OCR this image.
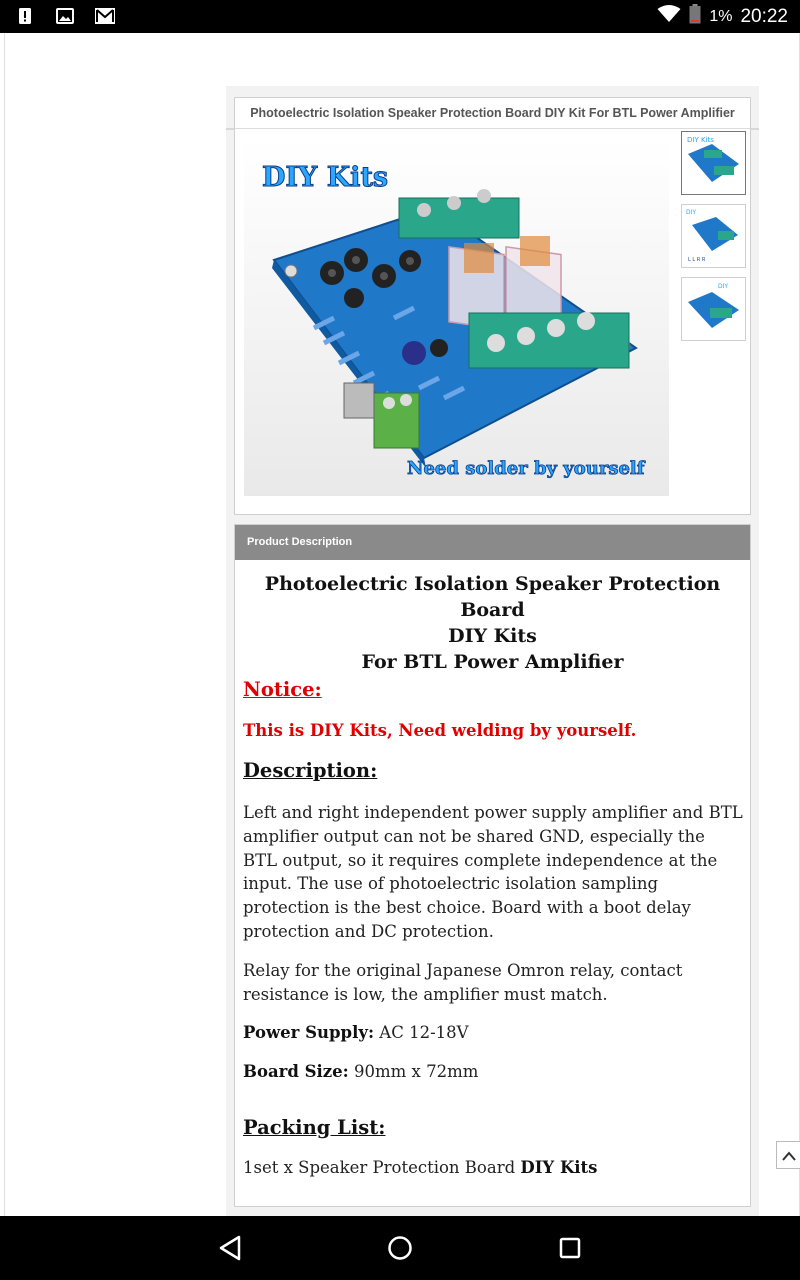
1% 20:22
Photoelectric Isolation Speaker Protection Board DIY Kit For BTL Power Amplifier
DIY Kits
Need solder by yourself
DIY Kits
DIY
L L R R
DIY
Product Description
Photoelectric Isolation Speaker Protection Board
DIY Kits
For BTL Power Amplifier
Notice:
This is DIY Kits, Need welding by yourself.
Description:
Left and right independent power supply amplifier and BTL amplifier output can not be shared GND, especially the BTL output, so it requires complete independence at the input. The use of photoelectric isolation sampling protection is the best choice. Board with a boot delay protection and DC protection.
Relay for the original Japanese Omron relay, contact resistance is low, the amplifier must match.
Power Supply: AC 12-18V
Board Size: 90mm x 72mm
Packing List:
1set x Speaker Protection Board DIY Kits
